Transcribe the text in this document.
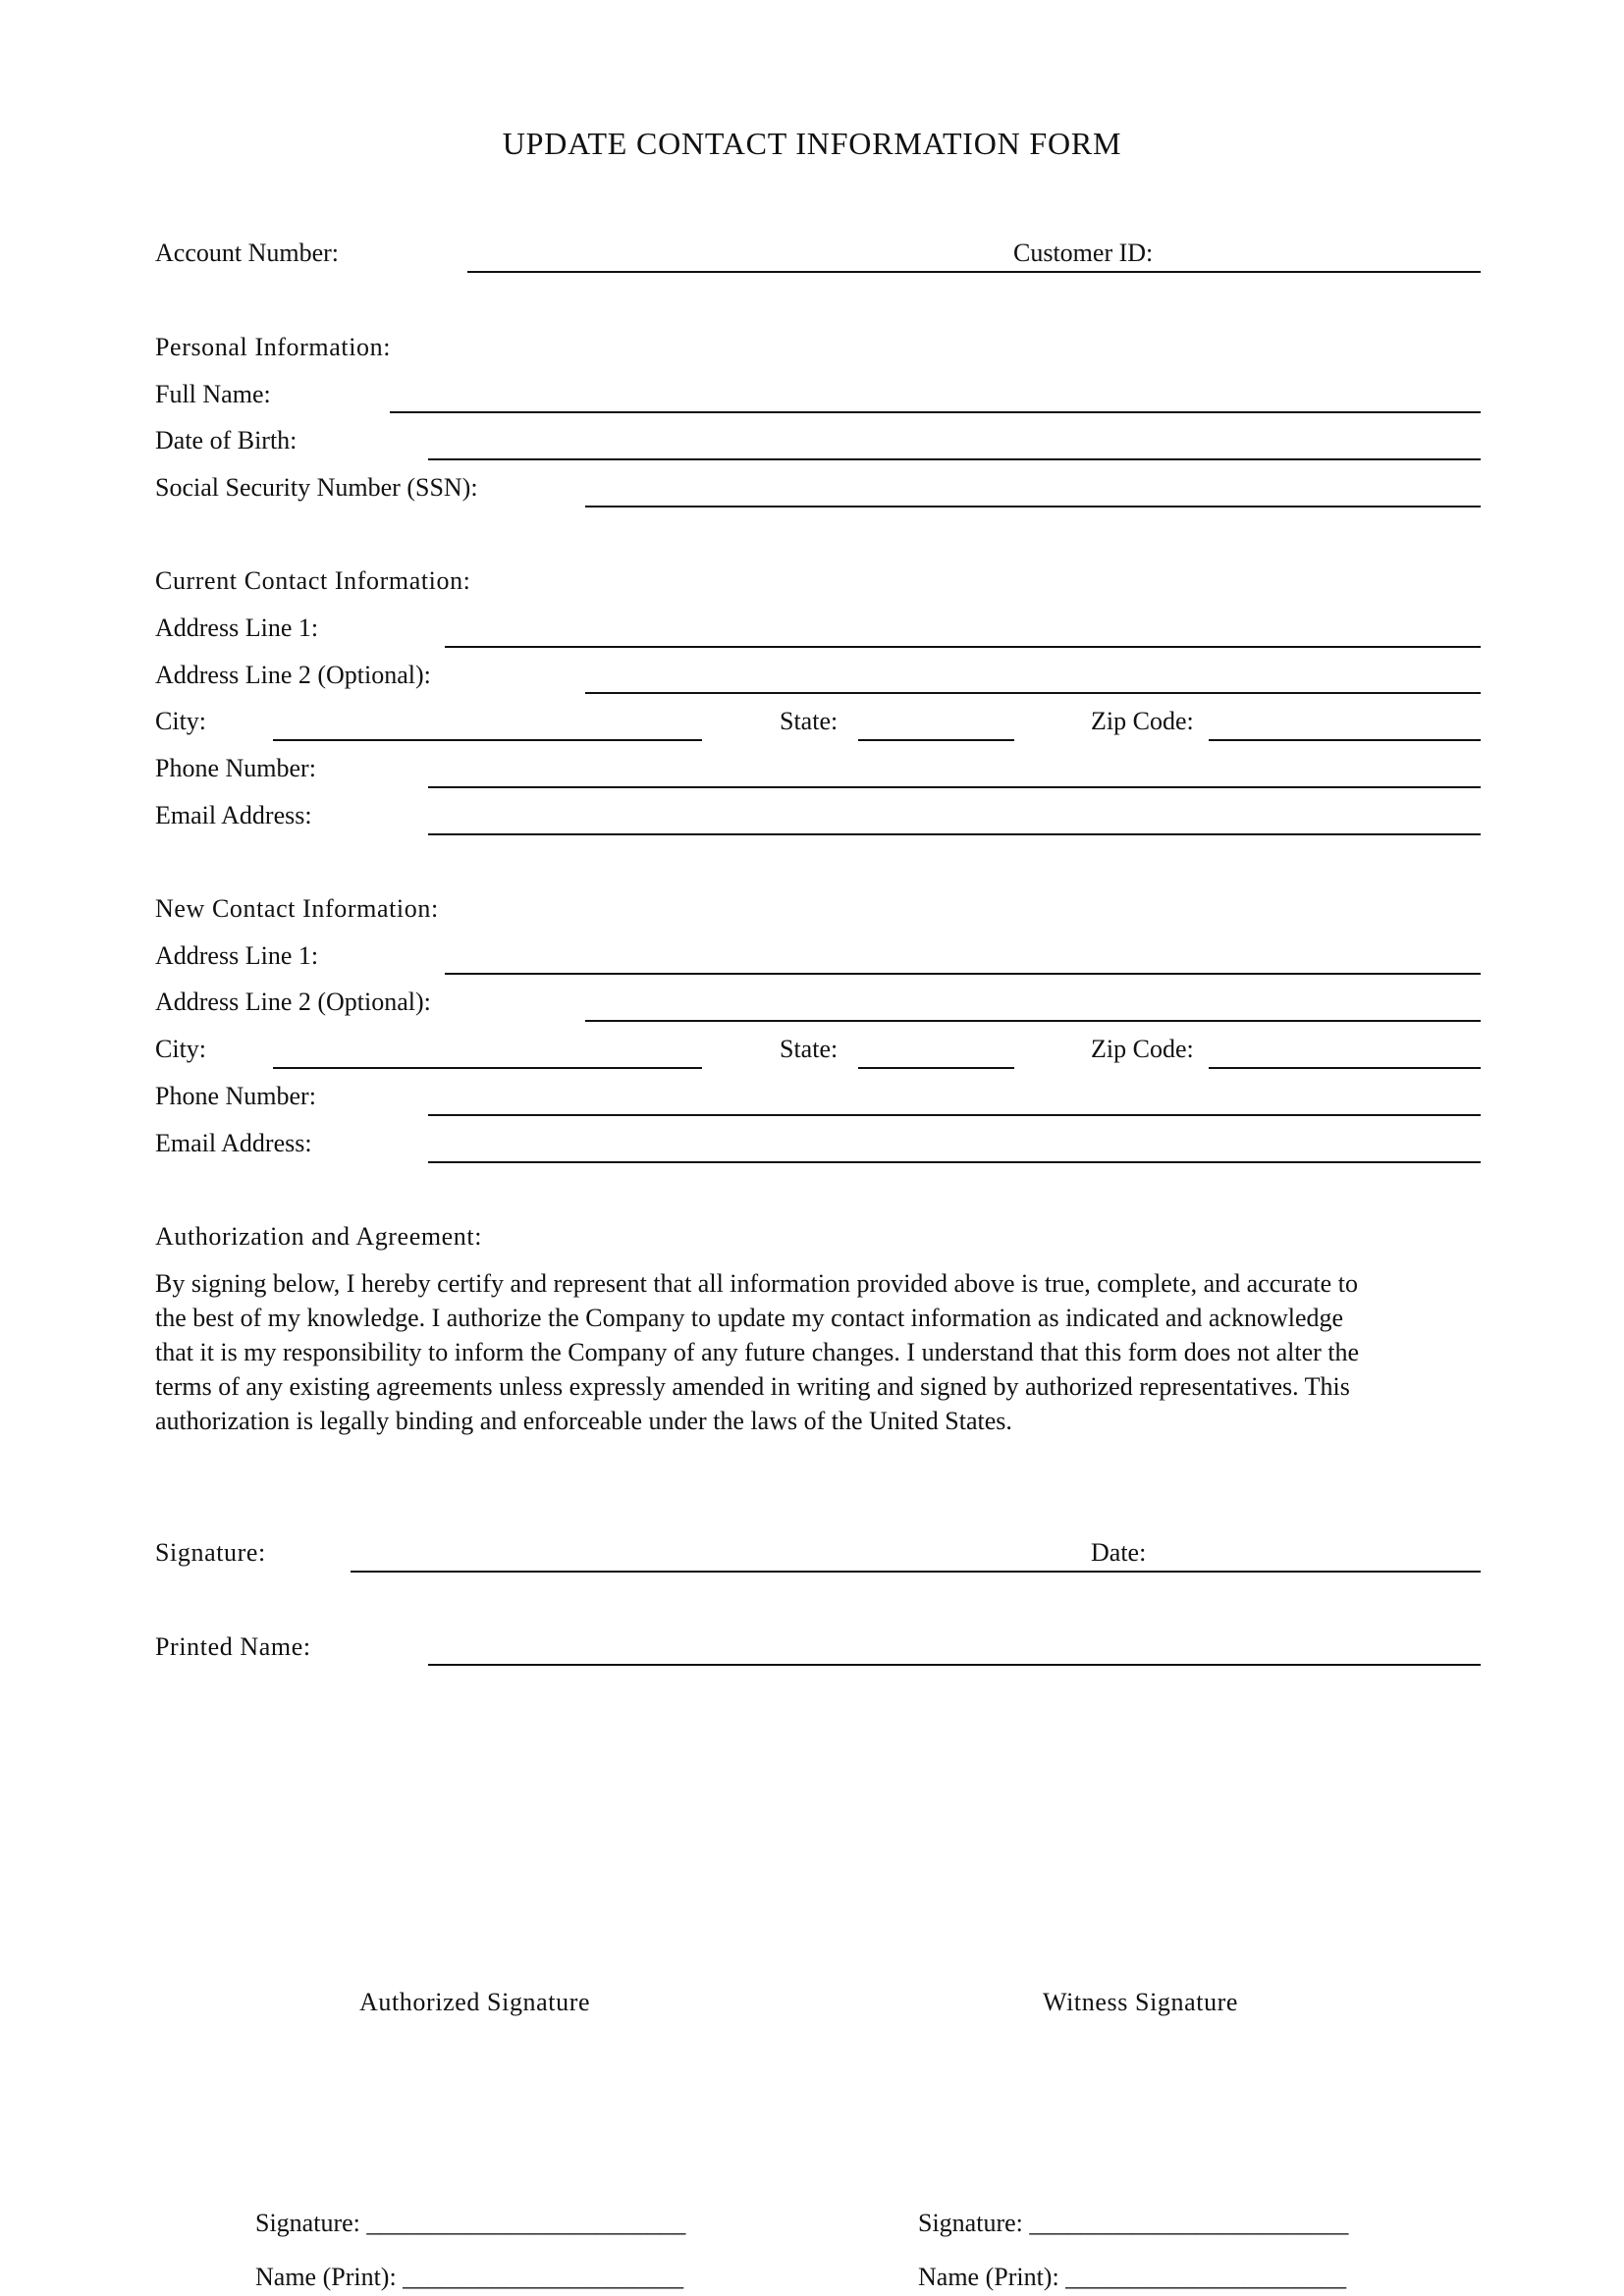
UPDATE CONTACT INFORMATION FORM
Account Number:	Customer ID:
Personal Information:
Full Name:
Date of Birth:
Social Security Number (SSN):
Current Contact Information:
Address Line 1:
Address Line 2 (Optional):
City:	State:	Zip Code:
Phone Number:
Email Address:
New Contact Information:
Address Line 1:
Address Line 2 (Optional):
City:	State:	Zip Code:
Phone Number:
Email Address:
Authorization and Agreement:

By signing below, I hereby certify and represent that all information provided above is true, complete, and accurate to

the best of my knowledge. I authorize the Company to update my contact information as indicated and acknowledge

that it is my responsibility to inform the Company of any future changes. I understand that this form does not alter the

terms of any existing agreements unless expressly amended in writing and signed by authorized representatives. This

authorization is legally binding and enforceable under the laws of the United States.

Signature:	Date:
Printed Name:
Authorized Signature	Witness Signature
Signature: _________________________
Name (Print): ______________________
Signature: _________________________
Name (Print): ______________________
